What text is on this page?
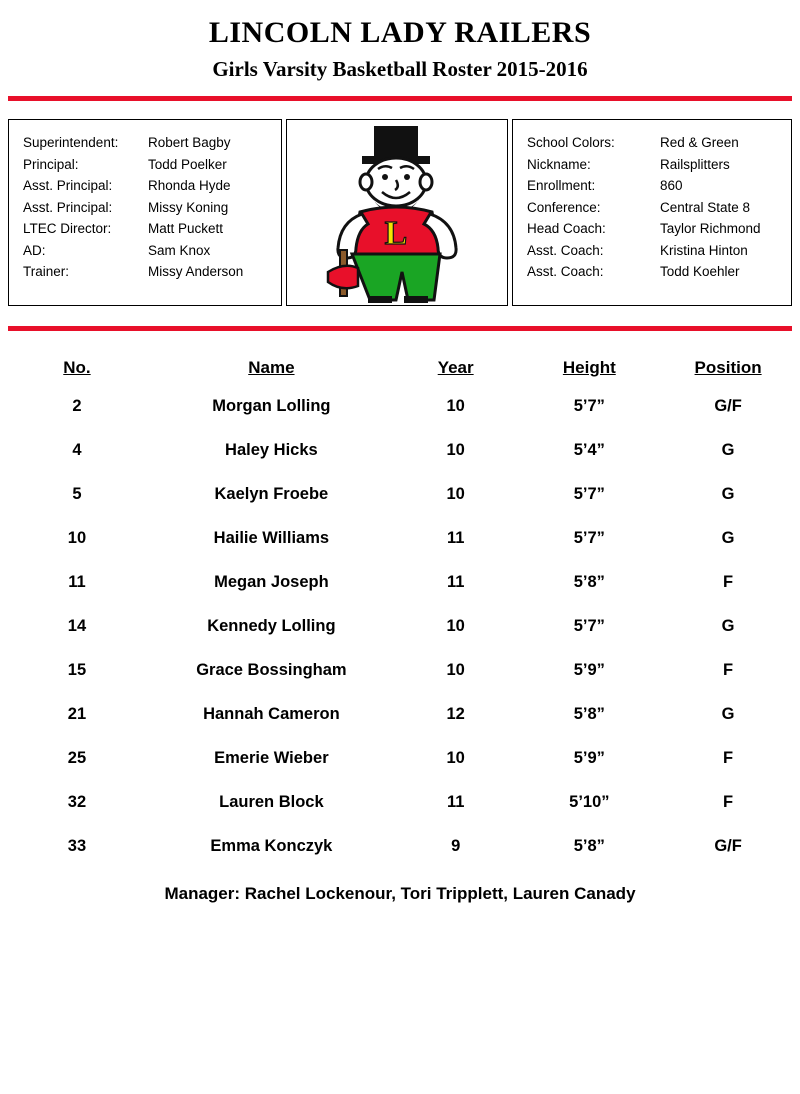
LINCOLN LADY RAILERS
Girls Varsity Basketball Roster 2015-2016
Superintendent:	Robert Bagby
Principal:	Todd Poelker
Asst. Principal:	Rhonda Hyde
Asst. Principal:	Missy Koning
LTEC Director:	Matt Puckett
AD:	Sam Knox
Trainer:	Missy Anderson
L
School Colors:	Red & Green
Nickname:	Railsplitters
Enrollment:	860
Conference:	Central State 8
Head Coach:	Taylor Richmond
Asst. Coach:	Kristina Hinton
Asst. Coach:	Todd Koehler
No.	Name	Year	Height	Position
2	Morgan Lolling	10	5’7”	G/F
4	Haley Hicks	10	5’4”	G
5	Kaelyn Froebe	10	5’7”	G
10	Hailie Williams	11	5’7”	G
11	Megan Joseph	11	5’8”	F
14	Kennedy Lolling	10	5’7”	G
15	Grace Bossingham	10	5’9”	F
21	Hannah Cameron	12	5’8”	G
25	Emerie Wieber	10	5’9”	F
32	Lauren Block	11	5’10”	F
33	Emma Konczyk	9	5’8”	G/F
Manager: Rachel Lockenour, Tori Tripplett, Lauren Canady
